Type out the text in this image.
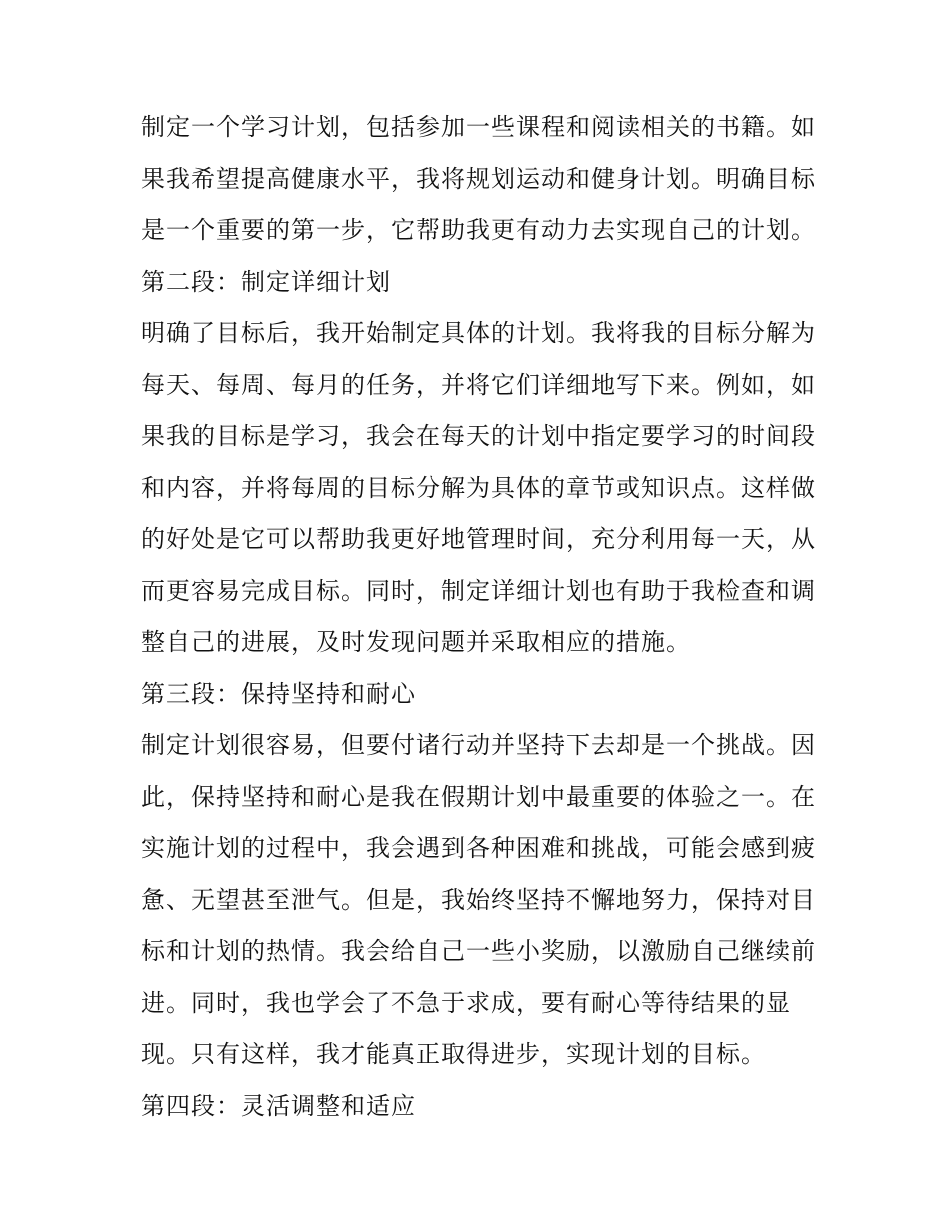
制定一个学习计划，包括参加一些课程和阅读相关的书籍。如
果我希望提高健康水平，我将规划运动和健身计划。明确目标
是一个重要的第一步，它帮助我更有动力去实现自己的计划。
第二段：制定详细计划
明确了目标后，我开始制定具体的计划。我将我的目标分解为
每天、每周、每月的任务，并将它们详细地写下来。例如，如
果我的目标是学习，我会在每天的计划中指定要学习的时间段
和内容，并将每周的目标分解为具体的章节或知识点。这样做
的好处是它可以帮助我更好地管理时间，充分利用每一天，从
而更容易完成目标。同时，制定详细计划也有助于我检查和调
整自己的进展，及时发现问题并采取相应的措施。
第三段：保持坚持和耐心
制定计划很容易，但要付诸行动并坚持下去却是一个挑战。因
此，保持坚持和耐心是我在假期计划中最重要的体验之一。在
实施计划的过程中，我会遇到各种困难和挑战，可能会感到疲
惫、无望甚至泄气。但是，我始终坚持不懈地努力，保持对目
标和计划的热情。我会给自己一些小奖励，以激励自己继续前
进。同时，我也学会了不急于求成，要有耐心等待结果的显
现。只有这样，我才能真正取得进步，实现计划的目标。
第四段：灵活调整和适应
